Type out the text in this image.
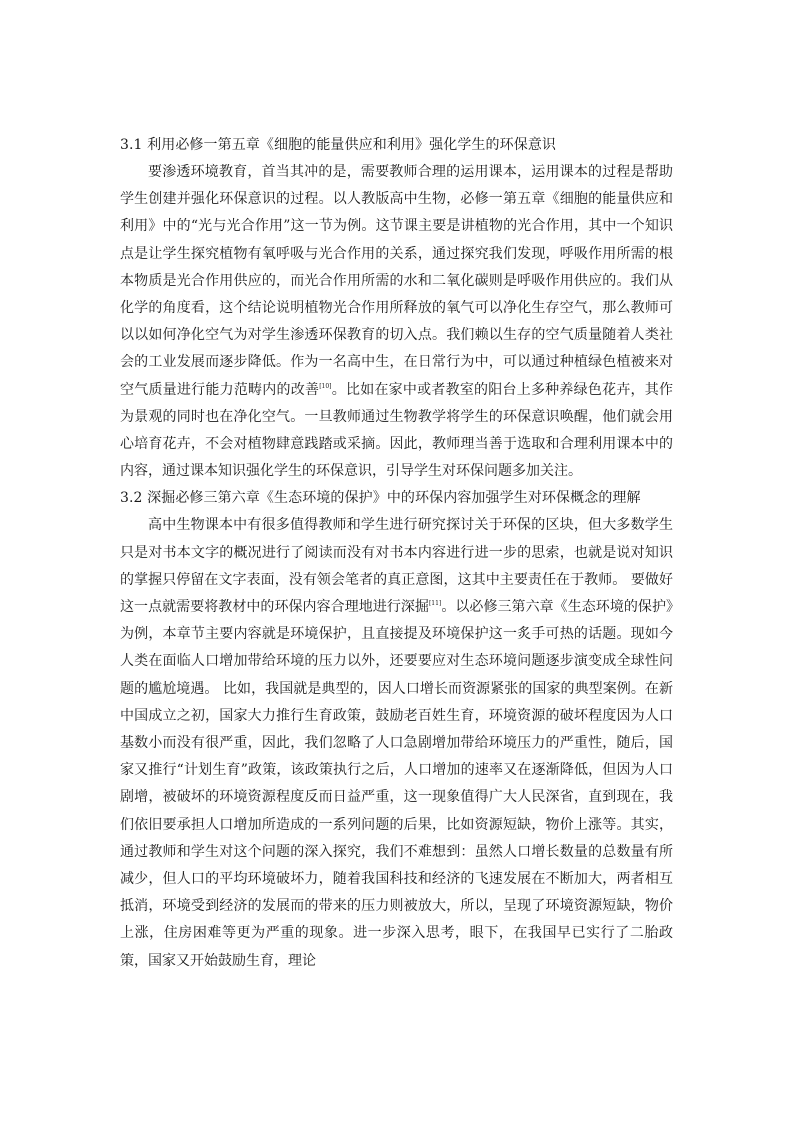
3.1 利用必修一第五章《细胞的能量供应和利用》强化学生的环保意识

要渗透环境教育，首当其冲的是，需要教师合理的运用课本，运用课本的过程是帮助学生创建并强化环保意识的过程。以人教版高中生物，必修一第五章《细胞的能量供应和利用》中的“光与光合作用”这一节为例。这节课主要是讲植物的光合作用，其中一个知识点是让学生探究植物有氧呼吸与光合作用的关系，通过探究我们发现，呼吸作用所需的根本物质是光合作用供应的，而光合作用所需的水和二氧化碳则是呼吸作用供应的。我们从化学的角度看，这个结论说明植物光合作用所释放的氧气可以净化生存空气，那么教师可以以如何净化空气为对学生渗透环保教育的切入点。我们赖以生存的空气质量随着人类社会的工业发展而逐步降低。作为一名高中生，在日常行为中，可以通过种植绿色植被来对空气质量进行能力范畴内的改善[10]。比如在家中或者教室的阳台上多种养绿色花卉，其作为景观的同时也在净化空气。一旦教师通过生物教学将学生的环保意识唤醒，他们就会用心培育花卉，不会对植物肆意践踏或采摘。因此，教师理当善于选取和合理利用课本中的内容，通过课本知识强化学生的环保意识，引导学生对环保问题多加关注。

3.2 深掘必修三第六章《生态环境的保护》中的环保内容加强学生对环保概念的理解

高中生物课本中有很多值得教师和学生进行研究探讨关于环保的区块，但大多数学生只是对书本文字的概况进行了阅读而没有对书本内容进行进一步的思索，也就是说对知识的掌握只停留在文字表面，没有领会笔者的真正意图，这其中主要责任在于教师。 要做好这一点就需要将教材中的环保内容合理地进行深掘[11]。以必修三第六章《生态环境的保护》为例，本章节主要内容就是环境保护，且直接提及环境保护这一炙手可热的话题。现如今人类在面临人口增加带给环境的压力以外，还要要应对生态环境问题逐步演变成全球性问题的尴尬境遇。 比如，我国就是典型的，因人口增长而资源紧张的国家的典型案例。在新中国成立之初，国家大力推行生育政策，鼓励老百姓生育，环境资源的破坏程度因为人口基数小而没有很严重，因此，我们忽略了人口急剧增加带给环境压力的严重性，随后，国家又推行“计划生育”政策，该政策执行之后，人口增加的速率又在逐渐降低，但因为人口剧增，被破坏的环境资源程度反而日益严重，这一现象值得广大人民深省，直到现在，我们依旧要承担人口增加所造成的一系列问题的后果，比如资源短缺，物价上涨等。其实，通过教师和学生对这个问题的深入探究，我们不难想到：虽然人口增长数量的总数量有所减少，但人口的平均环境破坏力，随着我国科技和经济的飞速发展在不断加大，两者相互抵消，环境受到经济的发展而的带来的压力则被放大，所以，呈现了环境资源短缺，物价上涨，住房困难等更为严重的现象。进一步深入思考，眼下，在我国早已实行了二胎政策，国家又开始鼓励生育，理论
